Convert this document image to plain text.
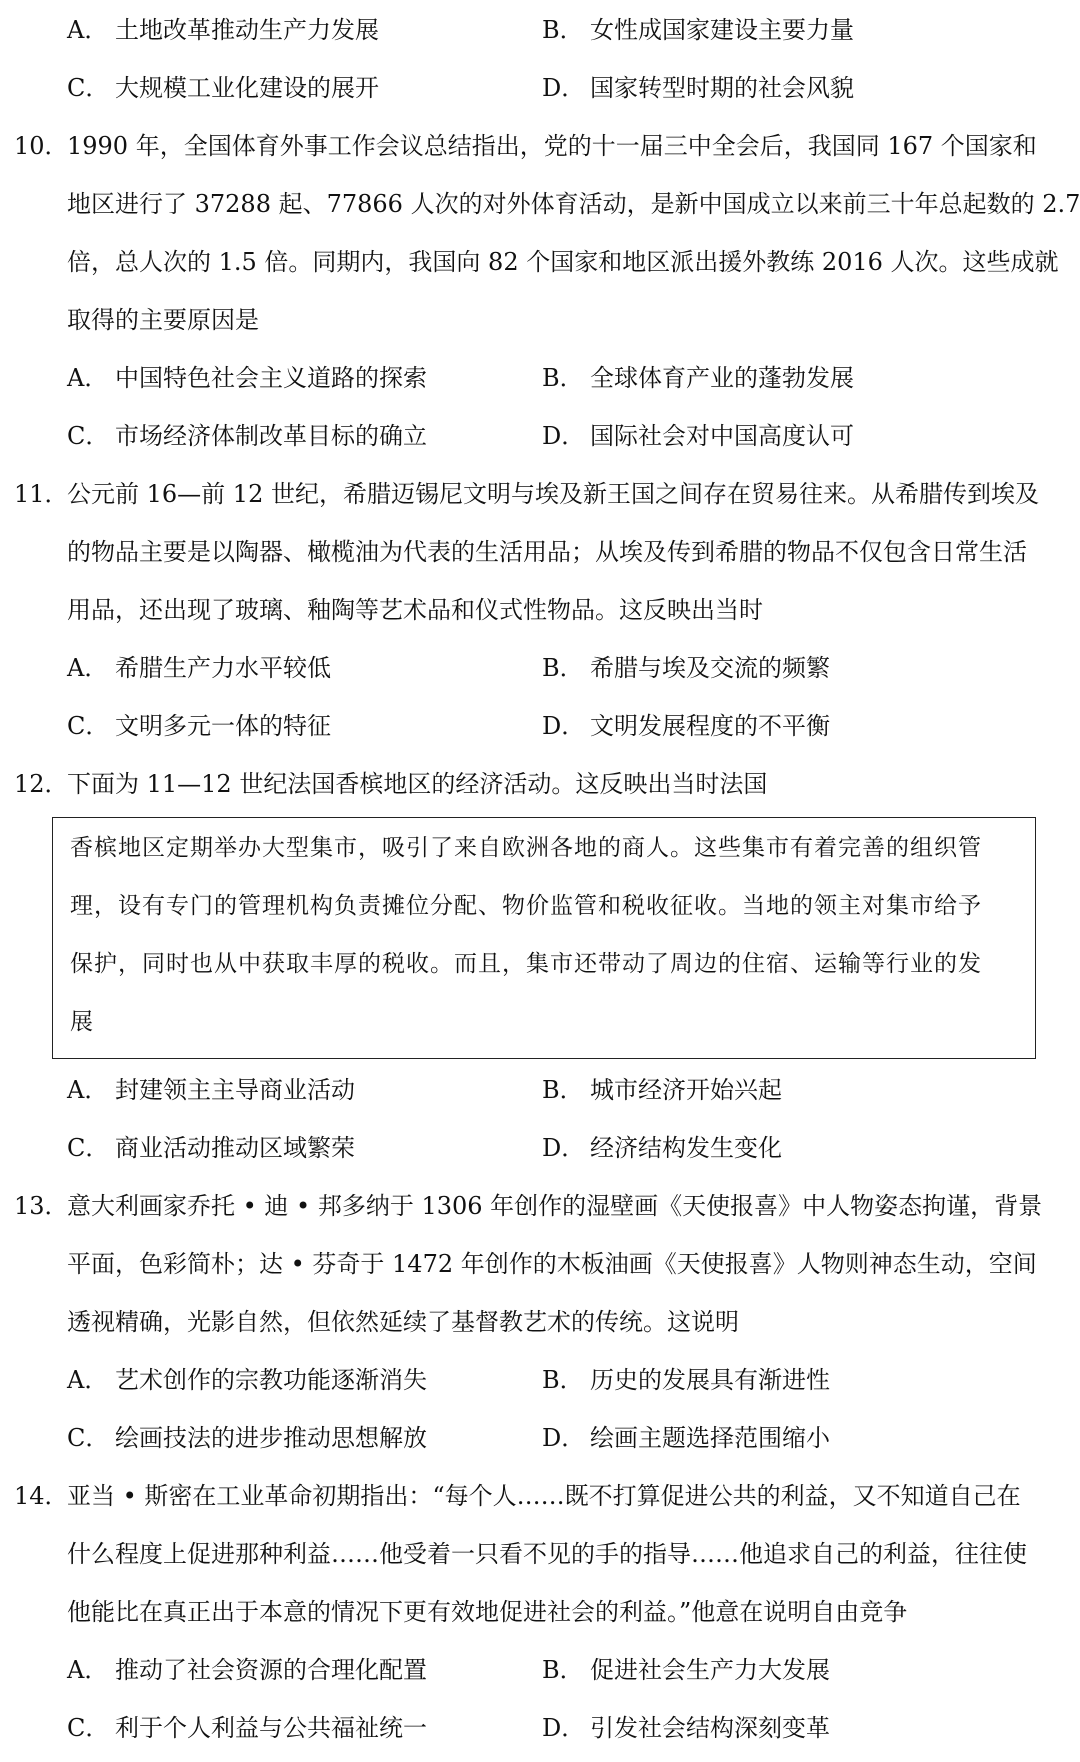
A． 土地改革推动生产力发展	B． 女性成国家建设主要力量
C． 大规模工业化建设的展开	D． 国家转型时期的社会风貌
10．
1990 年，全国体育外事工作会议总结指出，党的十一届三中全会后，我国同 167 个国家和
地区进行了 37288 起、77866 人次的对外体育活动，是新中国成立以来前三十年总起数的 2.7
倍，总人次的 1.5 倍。同期内，我国向 82 个国家和地区派出援外教练 2016 人次。这些成就
取得的主要原因是
A． 中国特色社会主义道路的探索	B． 全球体育产业的蓬勃发展
C． 市场经济体制改革目标的确立	D． 国际社会对中国高度认可
11．
公元前 16—前 12 世纪，希腊迈锡尼文明与埃及新王国之间存在贸易往来。从希腊传到埃及
的物品主要是以陶器、橄榄油为代表的生活用品；从埃及传到希腊的物品不仅包含日常生活
用品，还出现了玻璃、釉陶等艺术品和仪式性物品。这反映出当时
A． 希腊生产力水平较低	B． 希腊与埃及交流的频繁
C． 文明多元一体的特征	D． 文明发展程度的不平衡
12．
下面为 11—12 世纪法国香槟地区的经济活动。这反映出当时法国
香槟地区定期举办大型集市，吸引了来自欧洲各地的商人。这些集市有着完善的组织管
理，设有专门的管理机构负责摊位分配、物价监管和税收征收。当地的领主对集市给予
保护，同时也从中获取丰厚的税收。而且，集市还带动了周边的住宿、运输等行业的发
展
A． 封建领主主导商业活动	B． 城市经济开始兴起
C． 商业活动推动区域繁荣	D． 经济结构发生变化
13．
意大利画家乔托 • 迪 • 邦多纳于 1306 年创作的湿壁画《天使报喜》中人物姿态拘谨，背景
平面，色彩简朴；达 • 芬奇于 1472 年创作的木板油画《天使报喜》人物则神态生动，空间
透视精确，光影自然，但依然延续了基督教艺术的传统。这说明
A． 艺术创作的宗教功能逐渐消失	B． 历史的发展具有渐进性
C． 绘画技法的进步推动思想解放	D． 绘画主题选择范围缩小
14．
亚当 • 斯密在工业革命初期指出：“每个人……既不打算促进公共的利益，又不知道自己在
什么程度上促进那种利益……他受着一只看不见的手的指导……他追求自己的利益，往往使
他能比在真正出于本意的情况下更有效地促进社会的利益。”他意在说明自由竞争
A． 推动了社会资源的合理化配置	B． 促进社会生产力大发展
C． 利于个人利益与公共福祉统一	D． 引发社会结构深刻变革
